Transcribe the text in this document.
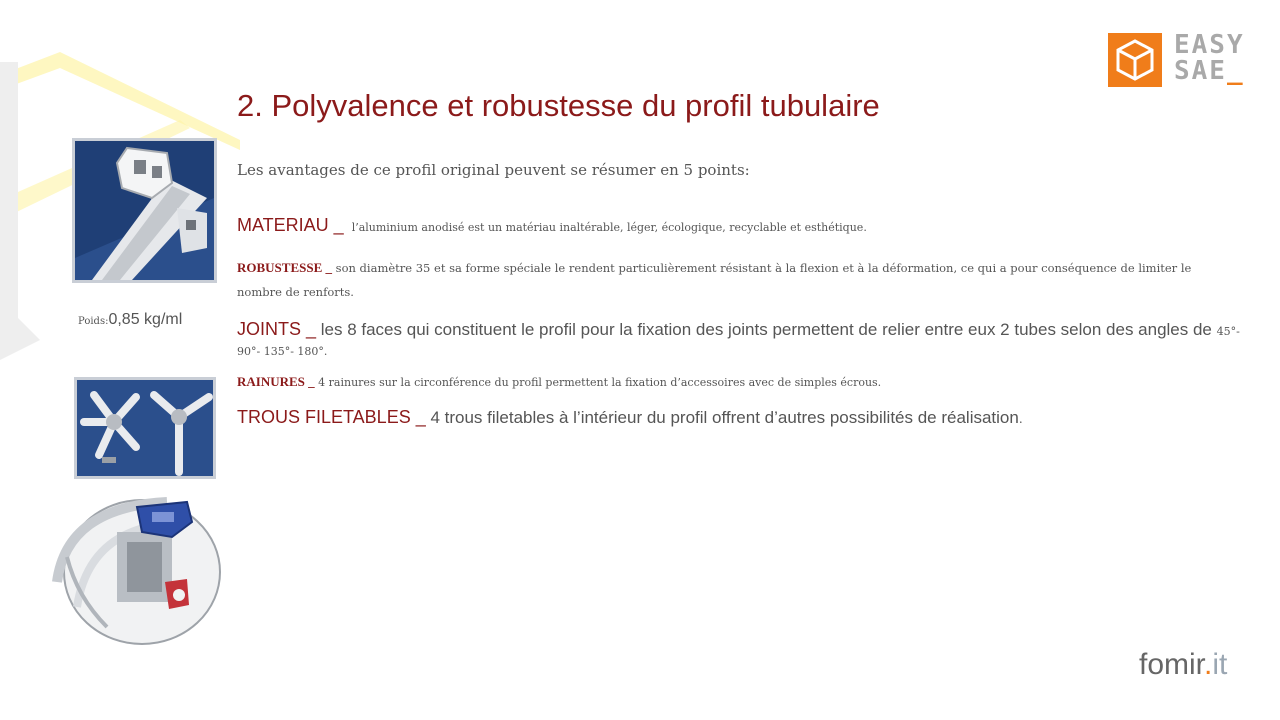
EASY
SAE_
2. Polyvalence et robustesse du profil tubulaire
Les avantages de ce profil original peuvent se résumer en 5 points:
MATERIAU _ l’aluminium anodisé est un matériau inaltérable, léger, écologique, recyclable et esthétique.
ROBUSTESSE _ son diamètre 35 et sa forme spéciale le rendent particulièrement résistant à la flexion et à la déformation, ce qui a pour conséquence de limiter le nombre de renforts.
JOINTS _ les 8 faces qui constituent le profil pour la fixation des joints permettent de relier entre eux 2 tubes selon des angles de 45°- 90°- 135°- 180°.
RAINURES _ 4 rainures sur la circonférence du profil permettent la fixation d’accessoires avec de simples écrous.
TROUS FILETABLES _ 4 trous filetables à l’intérieur du profil offrent d’autres possibilités de réalisation.
Poids:0,85 kg/ml
fomir.it
